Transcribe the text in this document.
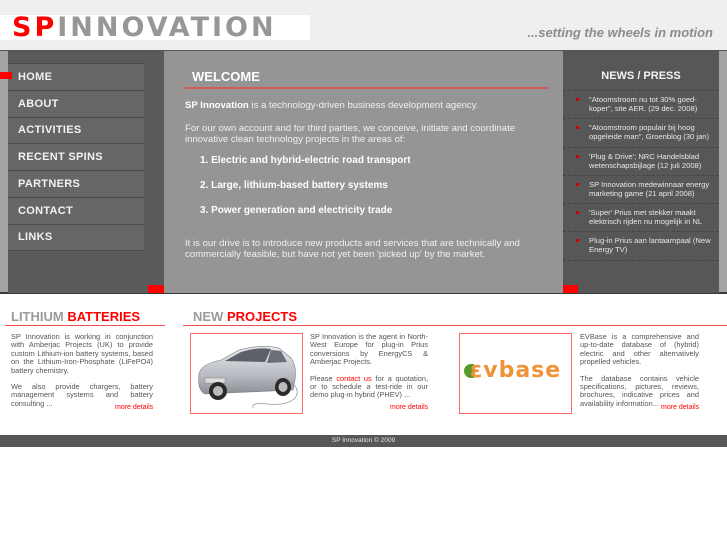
SPINNOVATION	...setting the wheels in motion
HOME
ABOUT
ACTIVITIES
RECENT SPINS
PARTNERS
CONTACT
LINKS
WELCOME

SP Innovation is a technology-driven business development agency.

For our own account and for third parties, we conceive, initiate and coordinate innovative clean technology projects in the areas of:

1. Electric and hybrid-electric road transport
2. Large, lithium-based battery systems
3. Power generation and electricity trade

It is our drive is to introduce new products and services that are technically and commercially feasible, but have not yet been 'picked up' by the market.

NEWS / PRESS
"Atoomstroom nu tot 30% goed-koper", site AER. (29 dec. 2008)
"Atoomstroom populair bij hoog opgeleide man", Groenblog (30 jan)
'Plug & Drive'; NRC Handelsblad wetenschapsbijlage (12 juli 2008)
SP Innovation medewinnaar energy marketing game (21 april 2008)
'Super' Prius met stekker maakt elektrisch rijden nu mogelijk in NL
Plug-in Prius aan lantaarnpaal (New Energy TV)
LITHIUM BATTERIES

SP Innovation is working in conjunction with Amberjac Projects (UK) to provide custom Lithium-ion battery systems, based on the Lithium-Iron-Phosphate (LiFePO4) battery chemistry.

We also provide chargers, battery management systems and battery consulting ...	more details
NEW PROJECTS

SP Innovation is the agent in North-West Europe for plug-in Prius conversions by EnergyCS & Amberjac Projects.

Please contact us for a quotation, or to schedule a test-ride in our demo plug-in hybrid (PHEV) ...

more details
εvbase

EVBase is a comprehensive and up-to-date database of (hybrid) electric and other alternatively propelled vehicles.

The database contains vehicle specifications, pictures, reviews, brochures, indicative prices and availability information... more details
SP Innovation © 2009
